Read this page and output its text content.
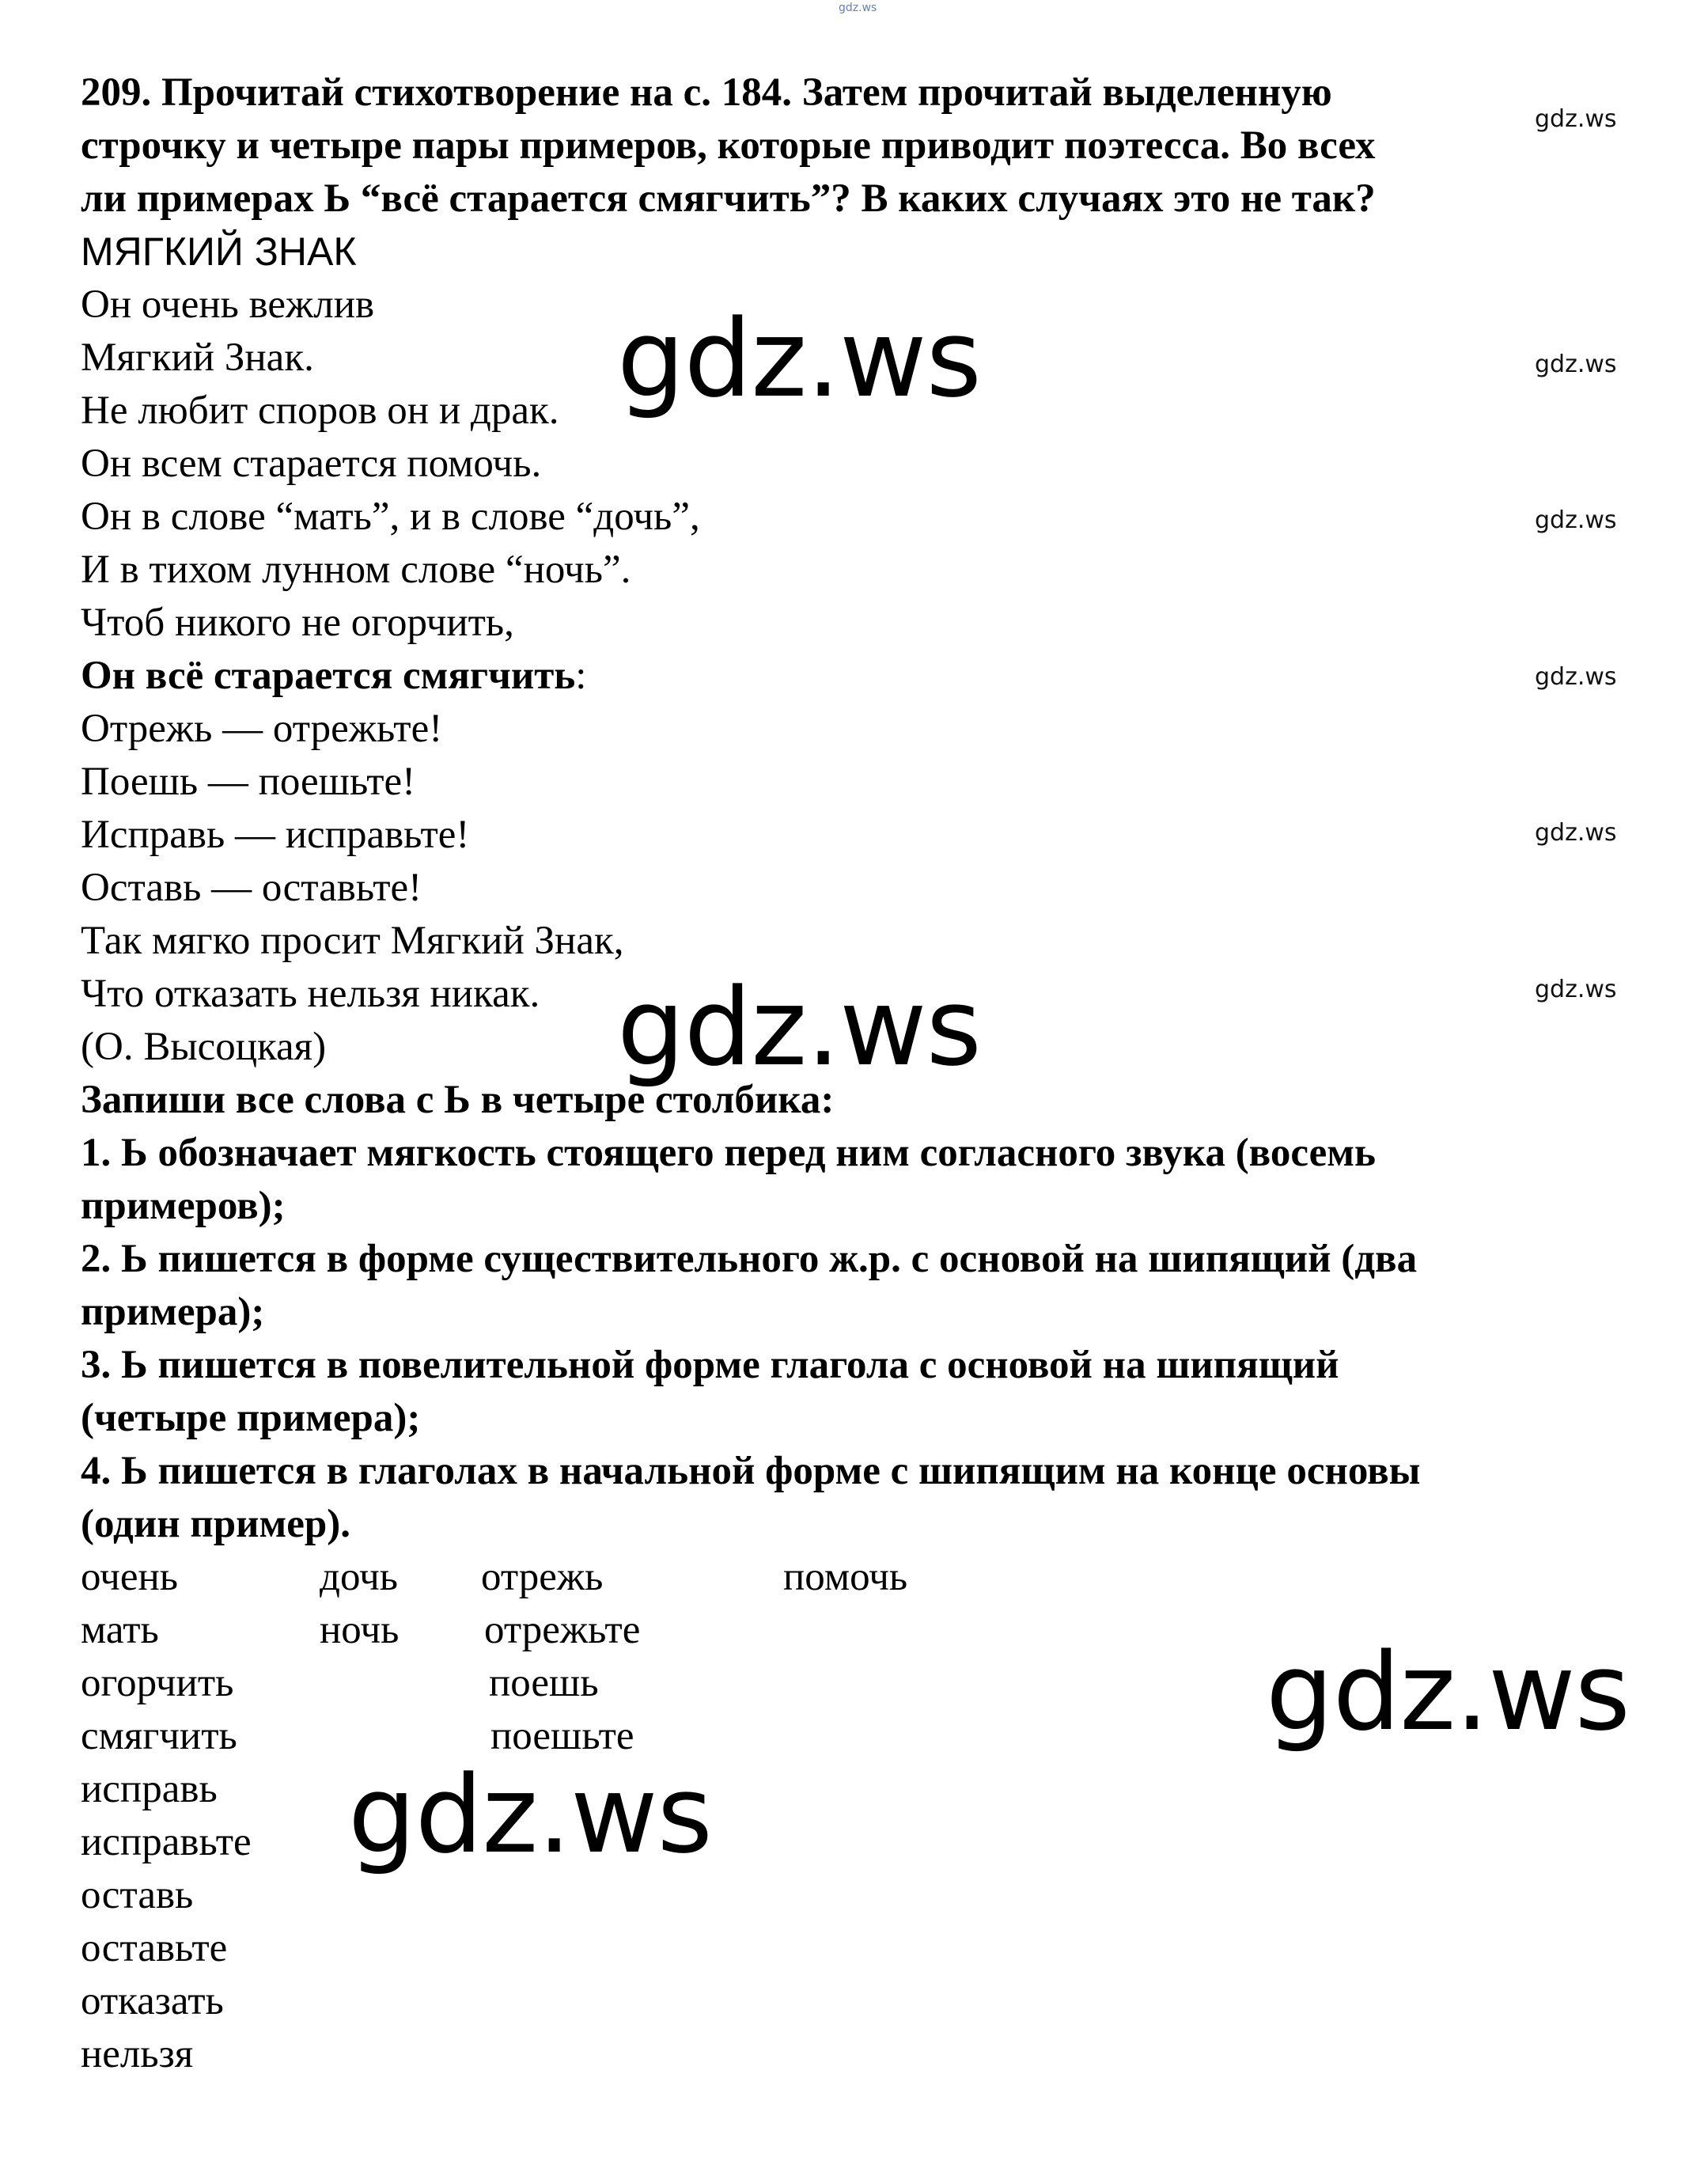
gdz.ws
209. Прочитай стихотворение на с. 184. Затем прочитай выделенную
строчку и четыре пары примеров, которые приводит поэтесса. Во всех
ли примерах Ь “всё старается смягчить”? В каких случаях это не так?
МЯГКИЙ ЗНАК
Он очень вежлив
Мягкий Знак.
Не любит споров он и драк.
Он всем старается помочь.
Он в слове “мать”, и в слове “дочь”,
И в тихом лунном слове “ночь”.
Чтоб никого не огорчить,
Он всё старается смягчить:
Отрежь — отрежьте!
Поешь — поешьте!
Исправь — исправьте!
Оставь — оставьте!
Так мягко просит Мягкий Знак,
Что отказать нельзя никак.
(О. Высоцкая)
Запиши все слова с Ь в четыре столбика:
1. Ь обозначает мягкость стоящего перед ним согласного звука (восемь
примеров);
2. Ь пишется в форме существительного ж.р. с основой на шипящий (два
примера);
3. Ь пишется в повелительной форме глагола с основой на шипящий
(четыре примера);
4. Ь пишется в глаголах в начальной форме с шипящим на конце основы
(один пример).
очень
мать
огорчить
смягчить
исправь
исправьте
оставь
оставьте
отказать
нельзя
дочь
ночь
отрежь
отрежьте
поешь
поешьте
помочь
gdz.ws
gdz.ws
gdz.ws
gdz.ws
gdz.ws
gdz.ws
gdz.ws
gdz.ws
gdz.ws
gdz.ws
